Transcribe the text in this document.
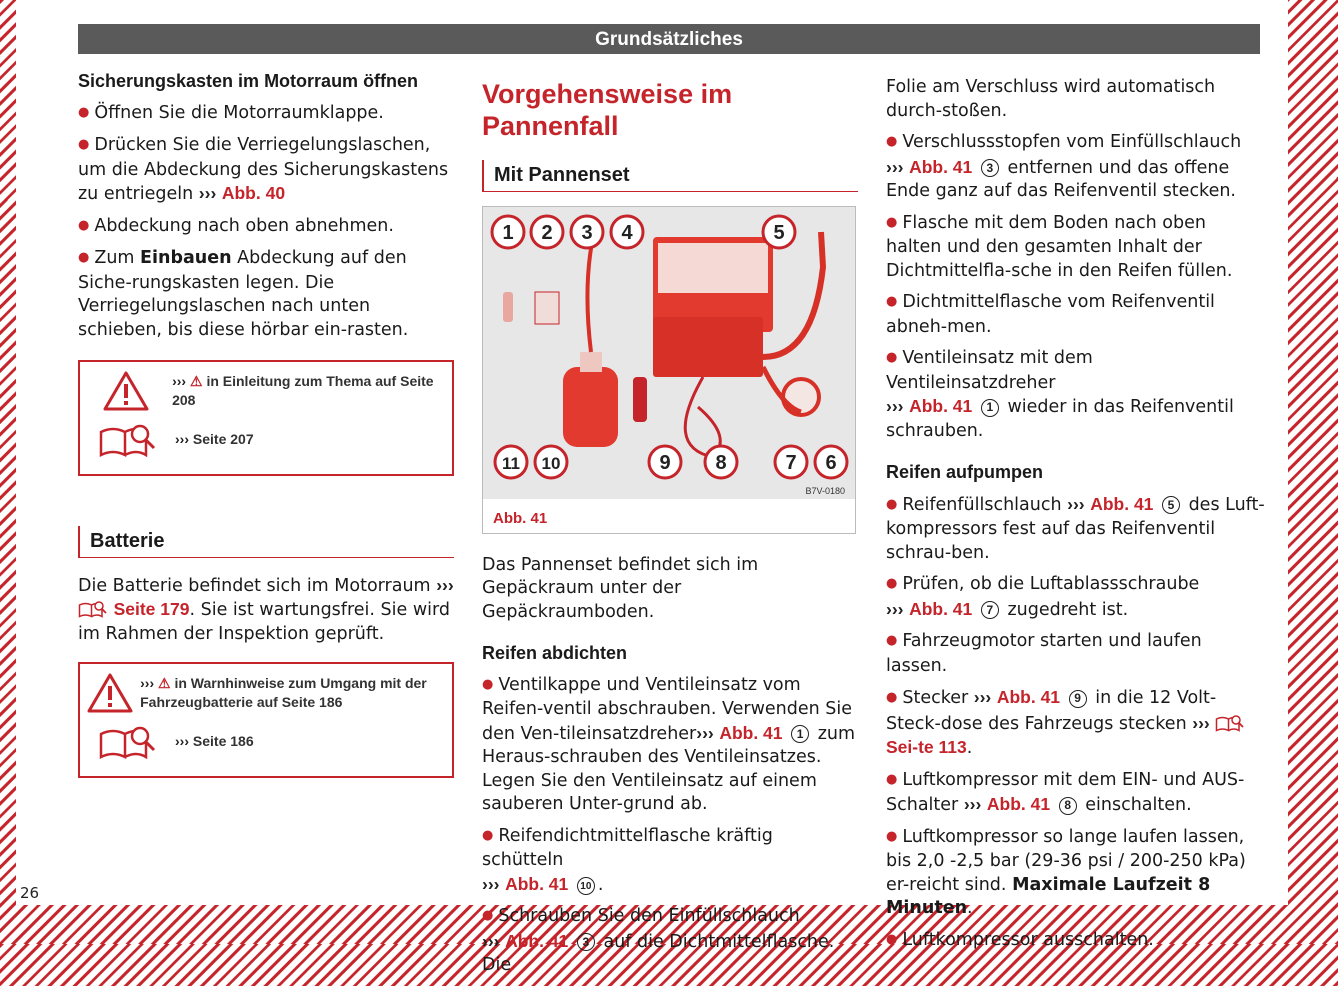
Grundsätzliches

Sicherungskasten im Motorraum öffnen

● Öffnen Sie die Motorraumklappe.

● Drücken Sie die Verriegelungslaschen, um die Abdeckung des Sicherungskastens zu entriegeln ››› Abb. 40

● Abdeckung nach oben abnehmen.

● Zum Einbauen Abdeckung auf den Siche-rungskasten legen. Die Verriegelungslaschen nach unten schieben, bis diese hörbar ein-rasten.

››› ⚠ in Einleitung zum Thema auf Seite 208
››› Seite 207
Batterie

Die Batterie befindet sich im Motorraum ›››  Seite 179. Sie ist wartungsfrei. Sie wird im Rahmen der Inspektion geprüft.

››› ⚠ in Warnhinweise zum Umgang mit der Fahrzeugbatterie auf Seite 186
››› Seite 186
Vorgehensweise im Pannenfall
Mit Pannenset
1 2 3 4	5
11 10	9 8	7 6
B7V-0180
Abb. 41

Das Pannenset befindet sich im Gepäckraum unter der Gepäckraumboden.

Reifen abdichten

● Ventilkappe und Ventileinsatz vom Reifen-ventil abschrauben. Verwenden Sie den Ven-tileinsatzdreher››› Abb. 41 1 zum Heraus-schrauben des Ventileinsatzes. Legen Sie den Ventileinsatz auf einem sauberen Unter-grund ab.

● Reifendichtmittelflasche kräftig schütteln
››› Abb. 41 10 .

● Schrauben Sie den Einfüllschlauch
››› Abb. 41 3 auf die Dichtmittelflasche. Die

Folie am Verschluss wird automatisch durch-stoßen.

● Verschlussstopfen vom Einfüllschlauch
››› Abb. 41 3 entfernen und das offene Ende ganz auf das Reifenventil stecken.

● Flasche mit dem Boden nach oben halten und den gesamten Inhalt der Dichtmittelfla-sche in den Reifen füllen.

● Dichtmittelflasche vom Reifenventil abneh-men.

● Ventileinsatz mit dem Ventileinsatzdreher
››› Abb. 41 1 wieder in das Reifenventil schrauben.

Reifen aufpumpen

● Reifenfüllschlauch ››› Abb. 41 5 des Luft-kompressors fest auf das Reifenventil schrau-ben.

● Prüfen, ob die Luftablassschraube
››› Abb. 41 7 zugedreht ist.

● Fahrzeugmotor starten und laufen lassen.

● Stecker ››› Abb. 41 9 in die 12 Volt-Steck-dose des Fahrzeugs stecken ›››  Sei-te 113.

● Luftkompressor mit dem EIN- und AUS-Schalter ››› Abb. 41 8 einschalten.

● Luftkompressor so lange laufen lassen, bis 2,0 -2,5 bar (29-36 psi / 200-250 kPa) er-reicht sind. Maximale Laufzeit 8 Minuten.

● Luftkompressor ausschalten.

26
